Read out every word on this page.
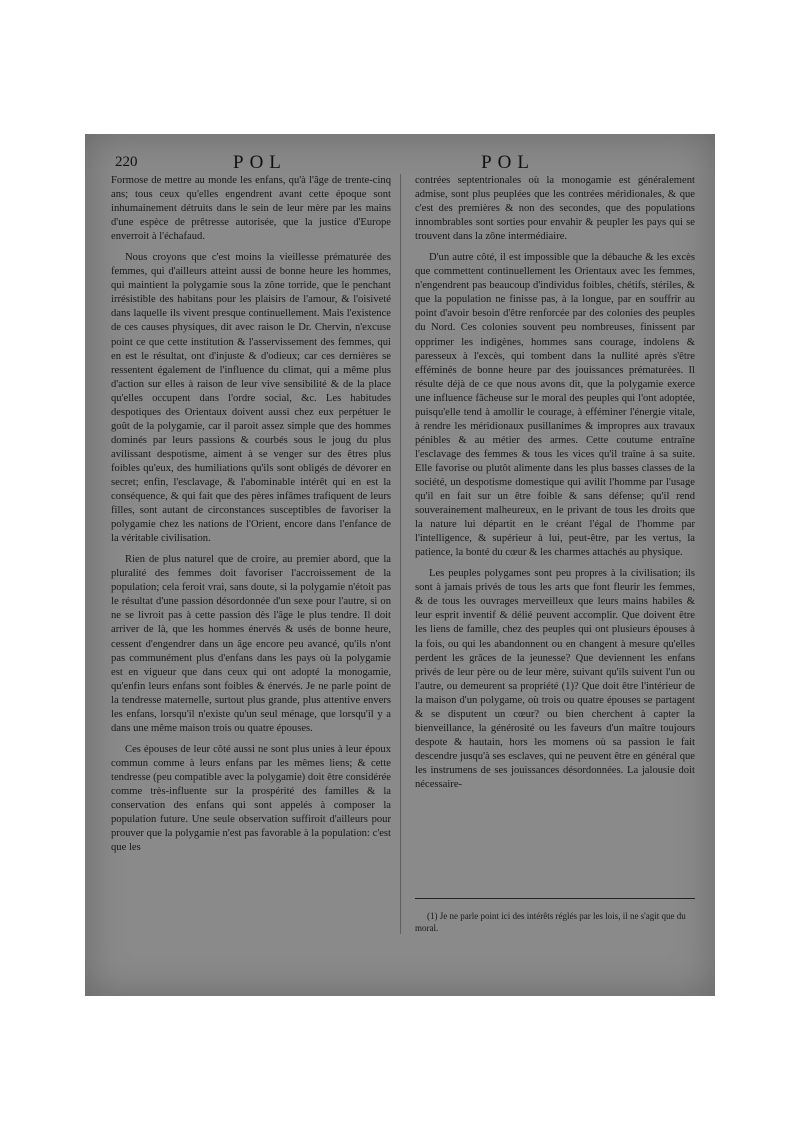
220	POL	POL

Formose de mettre au monde les enfans, qu'à l'âge de trente-cinq ans; tous ceux qu'elles engendrent avant cette époque sont inhumainement détruits dans le sein de leur mère par les mains d'une espèce de prêtresse autorisée, que la justice d'Europe enverroit à l'échafaud.

Nous croyons que c'est moins la vieillesse prématurée des femmes, qui d'ailleurs atteint aussi de bonne heure les hommes, qui maintient la polygamie sous la zône torride, que le penchant irrésistible des habitans pour les plaisirs de l'amour, & l'oisiveté dans laquelle ils vivent presque continuellement. Mais l'existence de ces causes physiques, dit avec raison le Dr. Chervin, n'excuse point ce que cette institution & l'asservissement des femmes, qui en est le résultat, ont d'injuste & d'odieux; car ces dernières se ressentent également de l'influence du climat, qui a même plus d'action sur elles à raison de leur vive sensibilité & de la place qu'elles occupent dans l'ordre social, &c. Les habitudes despotiques des Orientaux doivent aussi chez eux perpétuer le goût de la polygamie, car il paroit assez simple que des hommes dominés par leurs passions & courbés sous le joug du plus avilissant despotisme, aiment à se venger sur des êtres plus foibles qu'eux, des humiliations qu'ils sont obligés de dévorer en secret; enfin, l'esclavage, & l'abominable intérêt qui en est la conséquence, & qui fait que des pères infâmes trafiquent de leurs filles, sont autant de circonstances susceptibles de favoriser la polygamie chez les nations de l'Orient, encore dans l'enfance de la véritable civilisation.

Rien de plus naturel que de croire, au premier abord, que la pluralité des femmes doit favoriser l'accroissement de la population; cela feroit vrai, sans doute, si la polygamie n'étoit pas le résultat d'une passion désordonnée d'un sexe pour l'autre, si on ne se livroit pas à cette passion dès l'âge le plus tendre. Il doit arriver de là, que les hommes énervés & usés de bonne heure, cessent d'engendrer dans un âge encore peu avancé, qu'ils n'ont pas communément plus d'enfans dans les pays où la polygamie est en vigueur que dans ceux qui ont adopté la monogamie, qu'enfin leurs enfans sont foibles & énervés. Je ne parle point de la tendresse maternelle, surtout plus grande, plus attentive envers les enfans, lorsqu'il n'existe qu'un seul ménage, que lorsqu'il y a dans une même maison trois ou quatre épouses.

Ces épouses de leur côté aussi ne sont plus unies à leur époux commun comme à leurs enfans par les mêmes liens; & cette tendresse (peu compatible avec la polygamie) doit être considérée comme très-influente sur la prospérité des familles & la conservation des enfans qui sont appelés à composer la population future. Une seule observation suffiroit d'ailleurs pour prouver que la polygamie n'est pas favorable à la population: c'est que les

contrées septentrionales où la monogamie est généralement admise, sont plus peuplées que les contrées méridionales, & que c'est des premières & non des secondes, que des populations innombrables sont sorties pour envahir & peupler les pays qui se trouvent dans la zône intermédiaire.

D'un autre côté, il est impossible que la débauche & les excès que commettent continuellement les Orientaux avec les femmes, n'engendrent pas beaucoup d'individus foibles, chétifs, stériles, & que la population ne finisse pas, à la longue, par en souffrir au point d'avoir besoin d'être renforcée par des colonies des peuples du Nord. Ces colonies souvent peu nombreuses, finissent par opprimer les indigènes, hommes sans courage, indolens & paresseux à l'excès, qui tombent dans la nullité après s'être efféminés de bonne heure par des jouissances prématurées. Il résulte déjà de ce que nous avons dit, que la polygamie exerce une influence fâcheuse sur le moral des peuples qui l'ont adoptée, puisqu'elle tend à amollir le courage, à efféminer l'énergie vitale, à rendre les méridionaux pusillanimes & impropres aux travaux pénibles & au métier des armes. Cette coutume entraîne l'esclavage des femmes & tous les vices qu'il traîne à sa suite. Elle favorise ou plutôt alimente dans les plus basses classes de la société, un despotisme domestique qui avilit l'homme par l'usage qu'il en fait sur un être foible & sans défense; qu'il rend souverainement malheureux, en le privant de tous les droits que la nature lui départit en le créant l'égal de l'homme par l'intelligence, & supérieur à lui, peut-être, par les vertus, la patience, la bonté du cœur & les charmes attachés au physique.

Les peuples polygames sont peu propres à la civilisation; ils sont à jamais privés de tous les arts que font fleurir les femmes, & de tous les ouvrages merveilleux que leurs mains habiles & leur esprit inventif & délié peuvent accomplir. Que doivent être les liens de famille, chez des peuples qui ont plusieurs épouses à la fois, ou qui les abandonnent ou en changent à mesure qu'elles perdent les grâces de la jeunesse? Que deviennent les enfans privés de leur père ou de leur mère, suivant qu'ils suivent l'un ou l'autre, ou demeurent sa propriété (1)? Que doit être l'intérieur de la maison d'un polygame, où trois ou quatre épouses se partagent & se disputent un cœur? ou bien cherchent à capter la bienveillance, la générosité ou les faveurs d'un maître toujours despote & hautain, hors les momens où sa passion le fait descendre jusqu'à ses esclaves, qui ne peuvent être en général que les instrumens de ses jouissances désordonnées. La jalousie doit nécessaire-

(1) Je ne parle point ici des intérêts réglés par les lois, il ne s'agit que du moral.
